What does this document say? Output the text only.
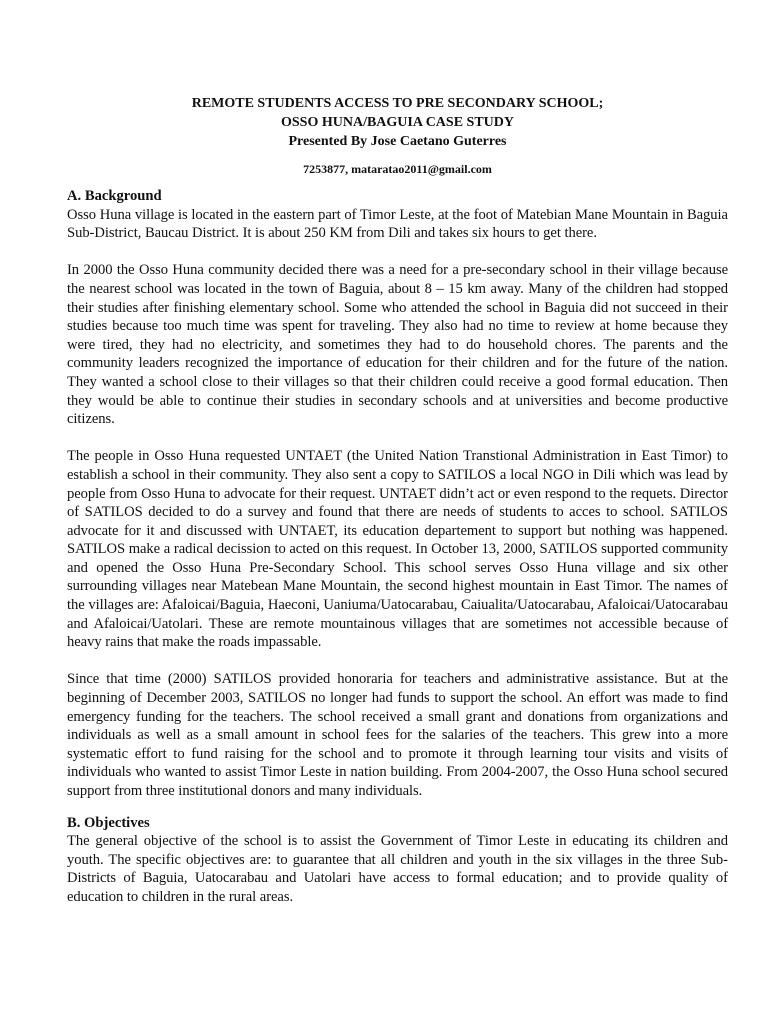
REMOTE STUDENTS ACCESS TO PRE SECONDARY SCHOOL;
OSSO HUNA/BAGUIA CASE STUDY
Presented By Jose Caetano Guterres
7253877, mataratao2011@gmail.com
A. Background

Osso Huna village is located in the eastern part of Timor Leste, at the foot of Matebian Mane Mountain in Baguia Sub-District, Baucau District. It is about 250 KM from Dili and takes six hours to get there.

In 2000 the Osso Huna community decided there was a need for a pre-secondary school in their village because the nearest school was located in the town of Baguia, about 8 – 15 km away. Many of the children had stopped their studies after finishing elementary school. Some who attended the school in Baguia did not succeed in their studies because too much time was spent for traveling. They also had no time to review at home because they were tired, they had no electricity, and sometimes they had to do household chores. The parents and the community leaders recognized the importance of education for their children and for the future of the nation. They wanted a school close to their villages so that their children could receive a good formal education. Then they would be able to continue their studies in secondary schools and at universities and become productive citizens.

The people in Osso Huna requested UNTAET (the United Nation Transtional Administration in East Timor) to establish a school in their community. They also sent a copy to SATILOS a local NGO in Dili which was lead by people from Osso Huna to advocate for their request. UNTAET didn’t act or even respond to the requets. Director of SATILOS decided to do a survey and found that there are needs of students to acces to school. SATILOS advocate for it and discussed with UNTAET, its education departement to support but nothing was happened. SATILOS make a radical decission to acted on this request. In October 13, 2000, SATILOS supported community and opened the Osso Huna Pre-Secondary School. This school serves Osso Huna village and six other surrounding villages near Matebean Mane Mountain, the second highest mountain in East Timor. The names of the villages are: Afaloicai/Baguia, Haeconi, Uaniuma/Uatocarabau, Caiualita/Uatocarabau, Afaloicai/Uatocarabau and Afaloicai/Uatolari. These are remote mountainous villages that are sometimes not accessible because of heavy rains that make the roads impassable.

Since that time (2000) SATILOS provided honoraria for teachers and administrative assistance. But at the beginning of December 2003, SATILOS no longer had funds to support the school. An effort was made to find emergency funding for the teachers. The school received a small grant and donations from organizations and individuals as well as a small amount in school fees for the salaries of the teachers. This grew into a more systematic effort to fund raising for the school and to promote it through learning tour visits and visits of individuals who wanted to assist Timor Leste in nation building. From 2004-2007, the Osso Huna school secured support from three institutional donors and many individuals.

B. Objectives

The general objective of the school is to assist the Government of Timor Leste in educating its children and youth. The specific objectives are: to guarantee that all children and youth in the six villages in the three Sub-Districts of Baguia, Uatocarabau and Uatolari have access to formal education; and to provide quality of education to children in the rural areas.
